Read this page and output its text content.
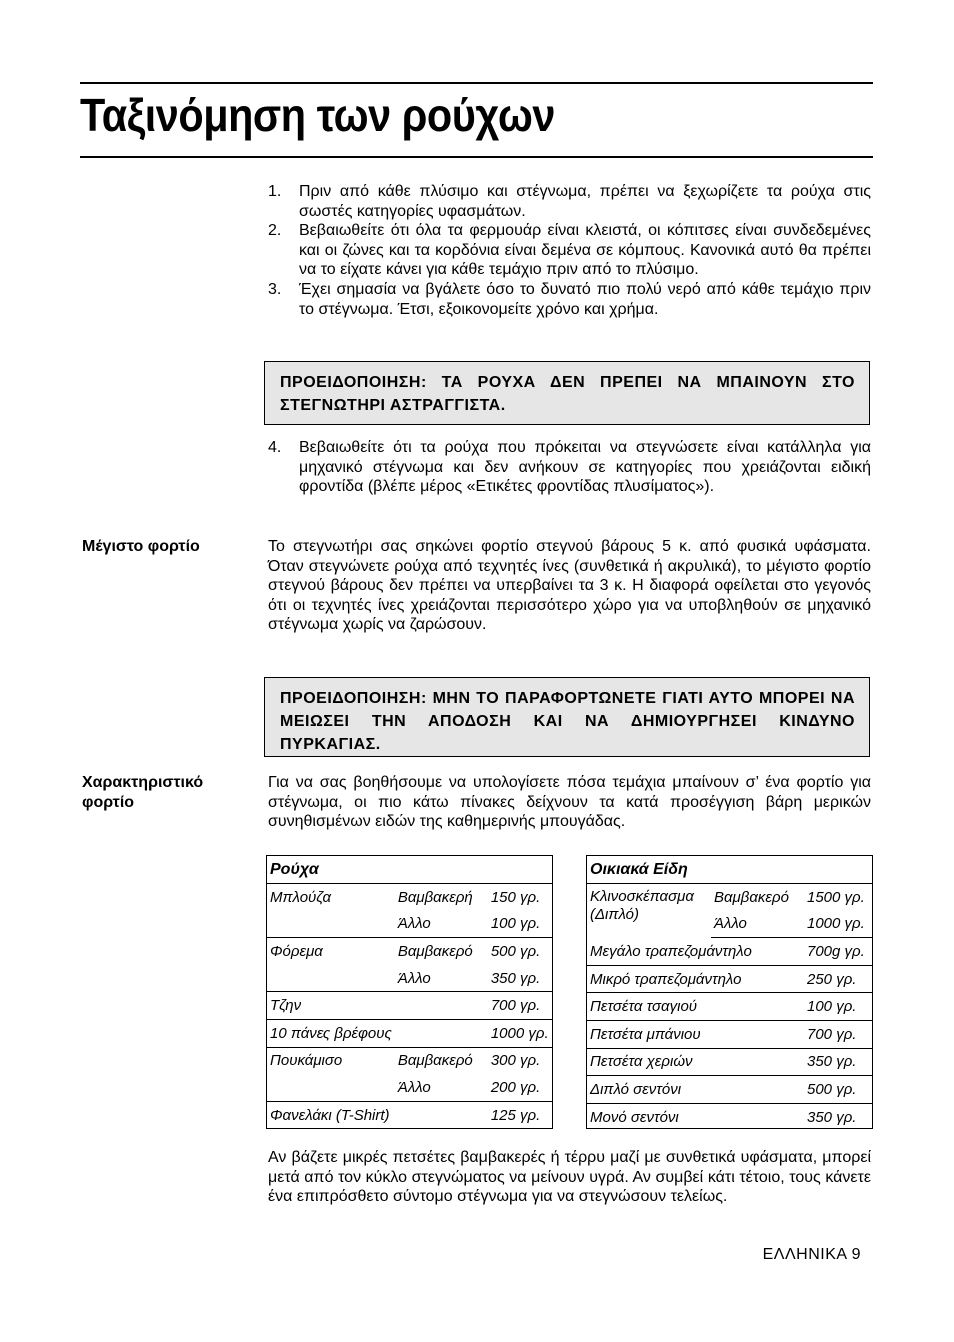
Ταξινόμηση των ρούχων
1. Πριν από κάθε πλύσιμο και στέγνωμα, πρέπει να ξεχωρίζετε τα ρούχα στις σωστές κατηγορίες υφασμάτων.
2. Βεβαιωθείτε ότι όλα τα φερμουάρ είναι κλειστά, οι κόπιτσες είναι συνδεδεμένες και οι ζώνες και τα κορδόνια είναι δεμένα σε κόμπους. Κανονικά αυτό θα πρέπει να το είχατε κάνει για κάθε τεμάχιο πριν από το πλύσιμο.
3. Έχει σημασία να βγάλετε όσο το δυνατό πιο πολύ νερό από κάθε τεμάχιο πριν το στέγνωμα. Έτσι, εξοικονομείτε χρόνο και χρήμα.
ΠΡΟΕΙΔΟΠΟΙΗΣΗ: ΤΑ ΡΟΥΧΑ ΔΕΝ ΠΡΕΠΕΙ ΝΑ ΜΠΑΙΝΟΥΝ ΣΤΟ ΣΤΕΓΝΩΤΗΡΙ ΑΣΤΡΑΓΓΙΣΤΑ.
4. Βεβαιωθείτε ότι τα ρούχα που πρόκειται να στεγνώσετε είναι κατάλληλα για μηχανικό στέγνωμα και δεν ανήκουν σε κατηγορίες που χρειάζονται ειδική φροντίδα (βλέπε μέρος «Ετικέτες φροντίδας πλυσίματος»).
Μέγιστο φορτίο	Το στεγνωτήρι σας σηκώνει φορτίο στεγνού βάρους 5 κ. από φυσικά υφάσματα. Όταν στεγνώνετε ρούχα από τεχνητές ίνες (συνθετικά ή ακρυλικά), το μέγιστο φορτίο στεγνού βάρους δεν πρέπει να υπερβαίνει τα 3 κ. Η διαφορά οφείλεται στο γεγονός ότι οι τεχνητές ίνες χρειάζονται περισσότερο χώρο για να υποβληθούν σε μηχανικό στέγνωμα χωρίς να ζαρώσουν.
ΠΡΟΕΙΔΟΠΟΙΗΣΗ: ΜΗΝ ΤΟ ΠΑΡΑΦΟΡΤΩΝΕΤΕ ΓΙΑΤΙ ΑΥΤΟ ΜΠΟΡΕΙ ΝΑ ΜΕΙΩΣΕΙ ΤΗΝ ΑΠΟΔΟΣΗ ΚΑΙ ΝΑ ΔΗΜΙΟΥΡΓΗΣΕΙ ΚΙΝΔΥΝΟ ΠΥΡΚΑΓΙΑΣ.
Χαρακτηριστικό
φορτίο
Για να σας βοηθήσουμε να υπολογίσετε πόσα τεμάχια μπαίνουν σ’ ένα φορτίο για στέγνωμα, οι πιο κάτω πίνακες δείχνουν τα κατά προσέγγιση βάρη μερικών συνηθισμένων ειδών της καθημερινής μπουγάδας.
Ρούχα		
Μπλούζα	Βαμβακερή	150 γρ.
	Άλλο	100 γρ.
Φόρεμα	Βαμβακερό	500 γρ.
	Άλλο	350 γρ.
Τζην		700 γρ.
10 πάνες βρέφους		1000 γρ.
Πουκάμισο	Βαμβακερό	300 γρ.
	Άλλο	200 γρ.
Φανελάκι (T-Shirt)		125 γρ.
Οικιακά Είδη		

Κλινοσκέπασμα
(Διπλό)	Βαμβακερό	1500 γρ.
	Άλλο	1000 γρ.
Μεγάλο τραπεζομάντηλο		700g γρ.
Μικρό τραπεζομάντηλο		250 γρ.
Πετσέτα τσαγιού		100 γρ.
Πετσέτα μπάνιου		700 γρ.
Πετσέτα χεριών		350 γρ.
Διπλό σεντόνι		500 γρ.
Μονό σεντόνι		350 γρ.
Αν βάζετε μικρές πετσέτες βαμβακερές ή τέρρυ μαζί με συνθετικά υφάσματα, μπορεί μετά από τον κύκλο στεγνώματος να μείνουν υγρά. Αν συμβεί κάτι τέτοιο, τους κάνετε ένα επιπρόσθετο σύντομο στέγνωμα για να στεγνώσουν τελείως.
ΕΛΛΗΝΙΚΑ 9
